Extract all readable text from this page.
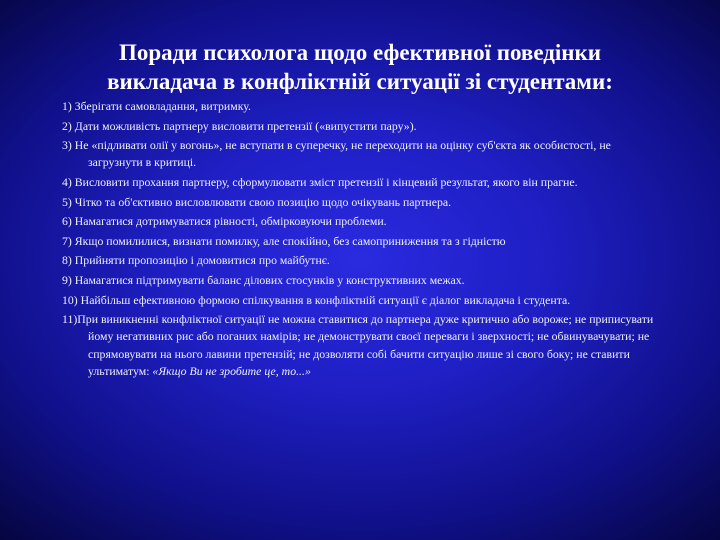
Поради психолога щодо ефективної поведінки
викладача в конфліктній ситуації зі студентами:
1) Зберігати самовладання, витримку.
2) Дати можливість партнеру висловити претензії («випустити пару»).
3) Не «підливати олії у вогонь», не вступати в суперечку, не переходити на оцінку суб'єкта як особистості, не загрузнути в критиці.
4) Висловити прохання партнеру, сформулювати зміст претензії і кінцевий результат, якого він прагне.
5) Чітко та об'єктивно висловлювати свою позицію щодо очікувань партнера.
6) Намагатися дотримуватися рівності, обмірковуючи проблеми.
7) Якщо помилилися, визнати помилку, але спокійно, без самоприниження та з гідністю
8) Прийняти пропозицію і домовитися про майбутнє.
9) Намагатися підтримувати баланс ділових стосунків у конструктивних межах.
10) Найбільш ефективною формою спілкування в конфліктній ситуації є діалог викладача і студента.
11)При виникненні конфліктної ситуації не можна ставитися до партнера дуже критично або вороже; не приписувати йому негативних рис або поганих намірів; не демонструвати своєї переваги і зверхності; не обвинувачувати; не спрямовувати на нього лавини претензій; не дозволяти собі бачити ситуацію лише зі свого боку; не ставити ультиматум: «Якщо Ви не зробите це, то...»
